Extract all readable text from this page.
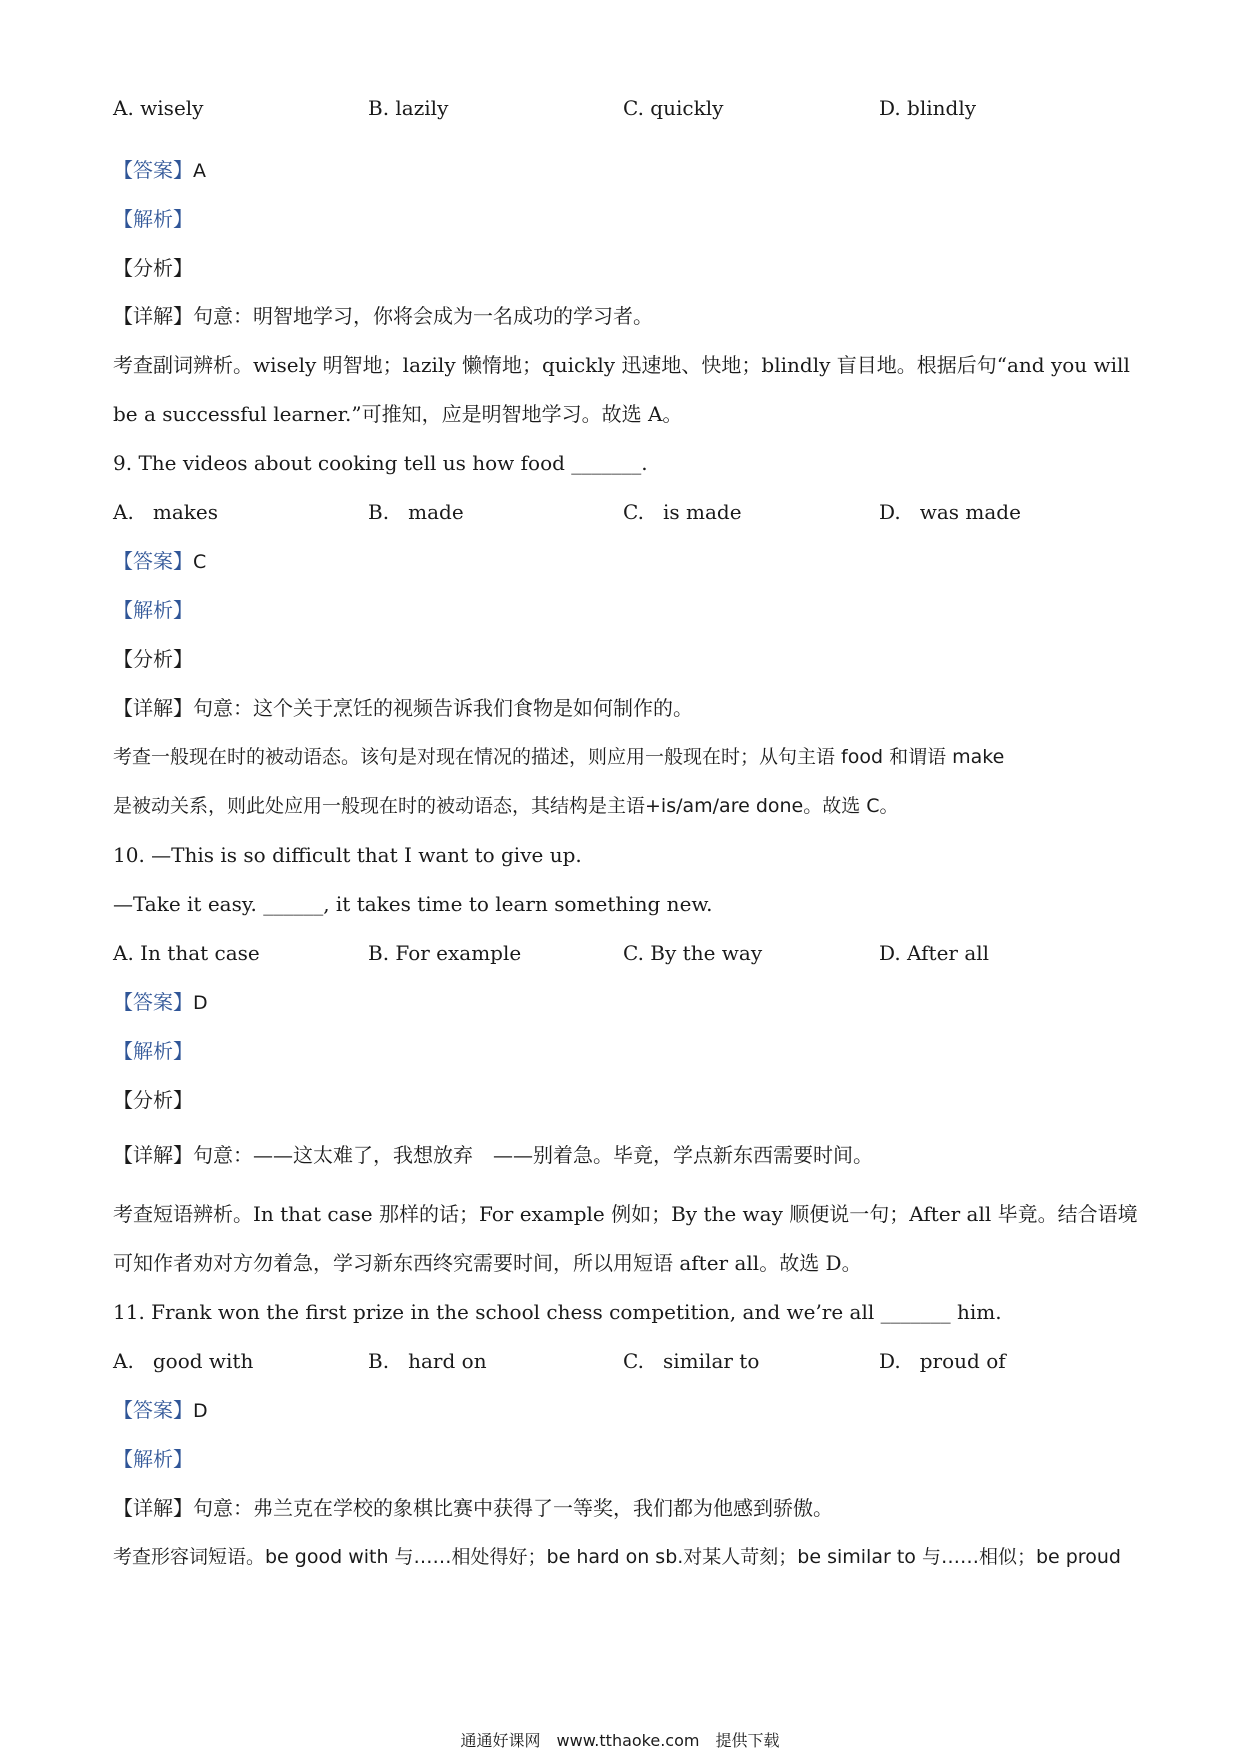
A. wisely	B. lazily	C. quickly	D. blindly
【答案】A
【解析】
【分析】
【详解】句意：明智地学习，你将会成为一名成功的学习者。
考查副词辨析。wisely 明智地；lazily 懒惰地；quickly 迅速地、快地；blindly 盲目地。根据后句“and you will
be a successful learner.”可推知，应是明智地学习。故选 A。
9. The videos about cooking tell us how food _______.
A.   makes	B.   made	C.   is made	D.   was made
【答案】C
【解析】
【分析】
【详解】句意：这个关于烹饪的视频告诉我们食物是如何制作的。
考查一般现在时的被动语态。该句是对现在情况的描述，则应用一般现在时；从句主语 food 和谓语 make
是被动关系，则此处应用一般现在时的被动语态，其结构是主语+is/am/are done。故选 C。
10. —This is so difficult that I want to give up.
—Take it easy. ______, it takes time to learn something new.
A. In that case	B. For example	C. By the way	D. After all
【答案】D
【解析】
【分析】
【详解】句意：——这太难了，我想放弃　——别着急。毕竟，学点新东西需要时间。
考查短语辨析。In that case 那样的话；For example 例如；By the way 顺便说一句；After all 毕竟。结合语境
可知作者劝对方勿着急，学习新东西终究需要时间，所以用短语 after all。故选 D。
11. Frank won the first prize in the school chess competition, and we’re all _______ him.
A.   good with	B.   hard on	C.   similar to	D.   proud of
【答案】D
【解析】
【详解】句意：弗兰克在学校的象棋比赛中获得了一等奖，我们都为他感到骄傲。
考查形容词短语。be good with 与……相处得好；be hard on sb.对某人苛刻；be similar to 与……相似；be proud
通通好课网　www.tthaoke.com　提供下载
